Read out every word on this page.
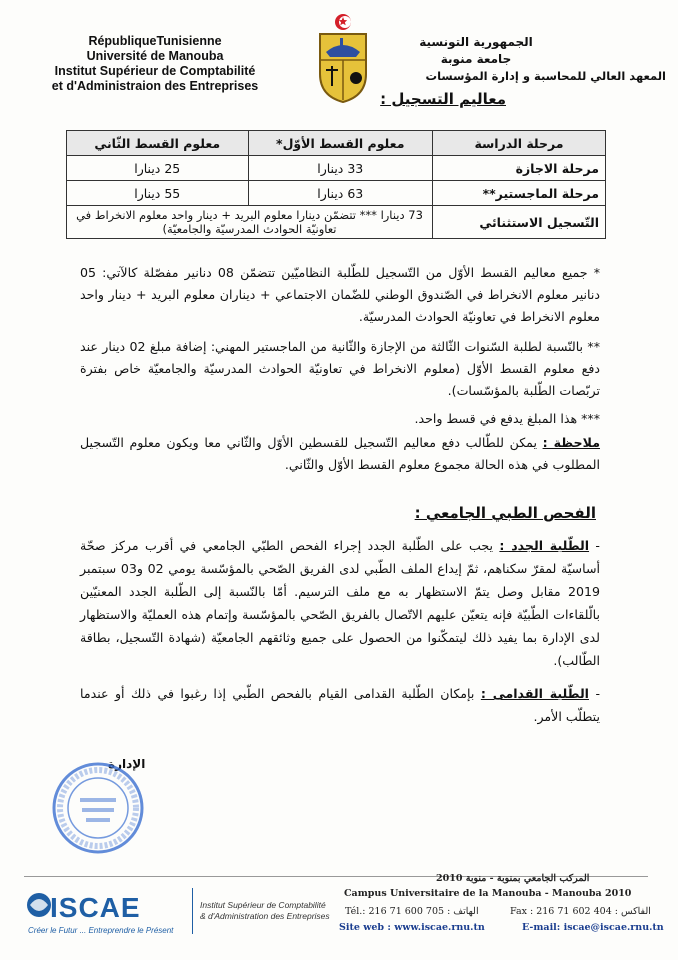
RépubliqueTunisienne
Université de Manouba
Institut Supérieur de Comptabilité
et d'Administraion des Entreprises
الجمهورية التونسية
جامعة منوبة
المعهد العالي للمحاسبة و إدارة المؤسسات
معاليم التسجيل :
مرحلة الدراسة	معلوم القسط الأوّل*	معلوم القسط الثّاني
مرحلة الاجازة	33 دينارا	25 دينارا
مرحلة الماجستير**	63 دينارا	55 دينارا
التّسجيل الاستثنائي	73 دينارا *** تتضمّن دينارا معلوم البريد + دينار واحد معلوم الانخراط في تعاونيّة الحوادث المدرسيّة والجامعيّة)	
* جميع معاليم القسط الأوّل من التّسجيل للطّلبة النظاميّين تتضمّن 08 دنانير مفصّلة كالآتي: 05 دنانير معلوم الانخراط في الصّندوق الوطني للضّمان الاجتماعي + ديناران معلوم البريد + دينار واحد معلوم الانخراط في تعاونيّة الحوادث المدرسيّة.
** بالنّسبة لطلبة السّنوات الثّالثة من الإجازة والثّانية من الماجستير المهني: إضافة مبلغ 02 دينار عند دفع معلوم القسط الأوّل (معلوم الانخراط في تعاونيّة الحوادث المدرسيّة والجامعيّة خاص بفترة تربّصات الطّلبة بالمؤسّسات).
*** هذا المبلغ يدفع في قسط واحد.
ملاحظة : يمكن للطّالب دفع معاليم التّسجيل للقسطين الأوّل والثّاني معا ويكون معلوم التّسجيل المطلوب في هذه الحالة مجموع معلوم القسط الأوّل والثّاني.
الفحص الطبي الجامعي :
- الطّلبة الجدد : يجب على الطّلبة الجدد إجراء الفحص الطبّي الجامعي في أقرب مركز صحّة أساسيّة لمقرّ سكناهم، ثمّ إيداع الملف الطّبي لدى الفريق الصّحي بالمؤسّسة يومي 02 و03 سبتمبر 2019 مقابل وصل يتمّ الاستظهار به مع ملف الترسيم. أمّا بالنّسبة إلى الطّلبة الجدد المعنيّين بالّلقاءات الطّبيّة فإنه يتعيّن عليهم الاتّصال بالفريق الصّحي بالمؤسّسة وإتمام هذه العمليّة والاستظهار لدى الإدارة بما يفيد ذلك ليتمكّنوا من الحصول على جميع وثائقهم الجامعيّة (شهادة التّسجيل، بطاقة الطّالب).
- الطّلبة القدامى : بإمكان الطّلبة القدامى القيام بالفحص الطّبي إذا رغبوا في ذلك أو عندما يتطلّب الأمر.
الإدارة
ISCAE
Créer le Futur ... Entreprendre le Présent
Institut Supérieur de Comptabilité
& d'Administration des Entreprises
المركب الجامعي بمنوبة - منوبة 2010
Campus Universitaire de la Manouba - Manouba 2010
Tél.: 216 71 600 705 : الهاتف	Fax : 216 71 602 404 : الفاكس
Site web : www.iscae.rnu.tn	E-mail: iscae@iscae.rnu.tn
